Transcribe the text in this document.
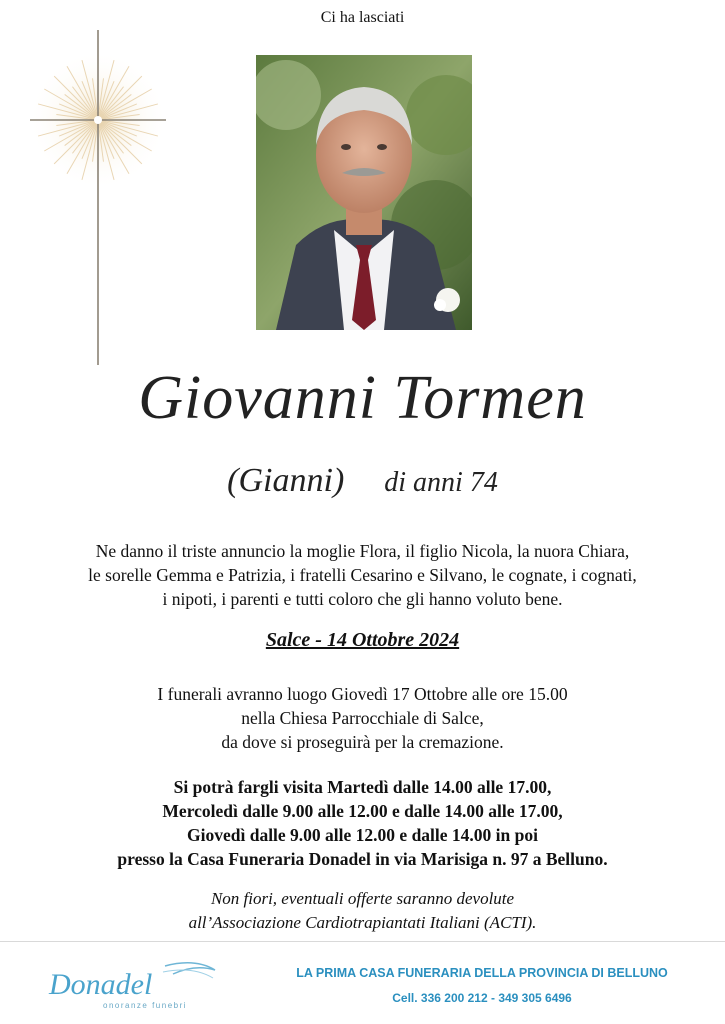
Ci ha lasciati
Giovanni Tormen
(Gianni) di anni 74
Ne danno il triste annuncio la moglie Flora, il figlio Nicola, la nuora Chiara,
le sorelle Gemma e Patrizia, i fratelli Cesarino e Silvano, le cognate, i cognati,
i nipoti, i parenti e tutti coloro che gli hanno voluto bene.
Salce - 14 Ottobre 2024
I funerali avranno luogo Giovedì 17 Ottobre alle ore 15.00
nella Chiesa Parrocchiale di Salce,
da dove si proseguirà per la cremazione.
Si potrà fargli visita Martedì dalle 14.00 alle 17.00,
Mercoledì dalle 9.00 alle 12.00 e dalle 14.00 alle 17.00,
Giovedì dalle 9.00 alle 12.00 e dalle 14.00 in poi
presso la Casa Funeraria Donadel in via Marisiga n. 97 a Belluno.
Non fiori, eventuali offerte saranno devolute
all’Associazione Cardiotrapiantati Italiani (ACTI).
Donadel
onoranze funebri
LA PRIMA CASA FUNERARIA DELLA PROVINCIA DI BELLUNO
Cell. 336 200 212 - 349 305 6496
